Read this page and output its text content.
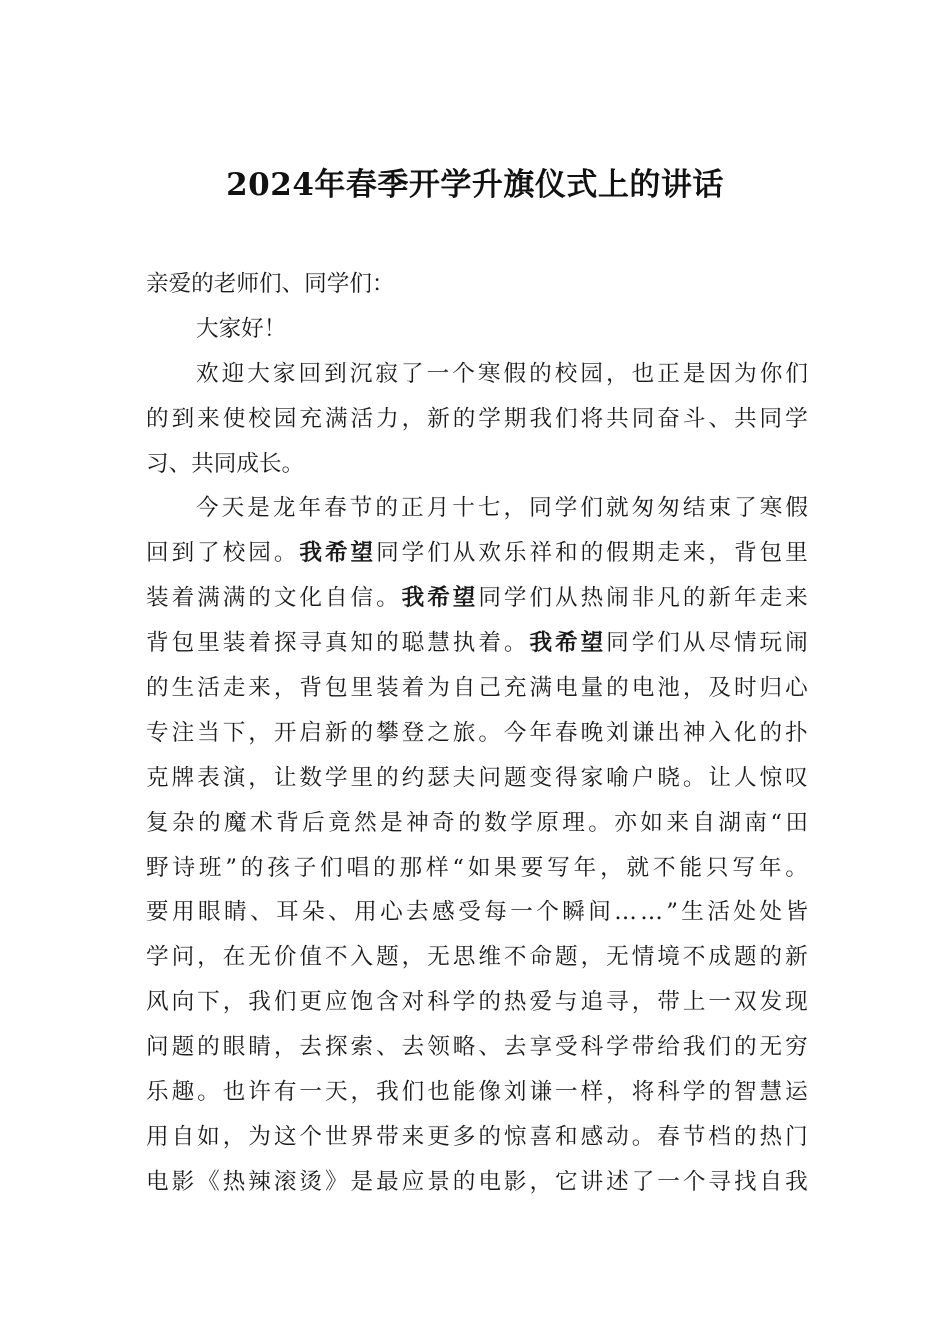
2024年春季开学升旗仪式上的讲话
亲爱的老师们、同学们：
大家好！
欢 迎 大 家 回 到 沉 寂 了 一 个 寒 假 的 校 园 ， 也 正 是 因 为 你 们
的 到 来 使 校 园 充 满 活 力 ， 新 的 学 期 我 们 将 共 同 奋 斗 、 共 同 学
习、共同成长。
今 天 是 龙 年 春 节 的 正 月 十 七 ， 同 学 们 就 匆 匆 结 束 了 寒 假
回 到 了 校 园 。 我 希 望 同 学 们 从 欢 乐 祥 和 的 假 期 走 来 ， 背 包 里
装 着 满 满 的 文 化 自 信 。 我 希 望 同 学 们 从 热 闹 非 凡 的 新 年 走 来
背 包 里 装 着 探 寻 真 知 的 聪 慧 执 着 。 我 希 望 同 学 们 从 尽 情 玩 闹
的 生 活 走 来 ， 背 包 里 装 着 为 自 己 充 满 电 量 的 电 池 ， 及 时 归 心
专 注 当 下 ， 开 启 新 的 攀 登 之 旅 。 今 年 春 晚 刘 谦 出 神 入 化 的 扑
克 牌 表 演 ， 让 数 学 里 的 约 瑟 夫 问 题 变 得 家 喻 户 晓 。 让 人 惊 叹
复 杂 的 魔 术 背 后 竟 然 是 神 奇 的 数 学 原 理 。 亦 如 来 自 湖 南 “ 田
野 诗 班 ” 的 孩 子 们 唱 的 那 样 “ 如 果 要 写 年 ， 就 不 能 只 写 年 。
要 用 眼 睛 、 耳 朵 、 用 心 去 感 受 每 一 个 瞬 间 … … ” 生 活 处 处 皆
学 问 ， 在 无 价 值 不 入 题 ， 无 思 维 不 命 题 ， 无 情 境 不 成 题 的 新
风 向 下 ， 我 们 更 应 饱 含 对 科 学 的 热 爱 与 追 寻 ， 带 上 一 双 发 现
问 题 的 眼 睛 ， 去 探 索 、 去 领 略 、 去 享 受 科 学 带 给 我 们 的 无 穷
乐 趣 。 也 许 有 一 天 ， 我 们 也 能 像 刘 谦 一 样 ， 将 科 学 的 智 慧 运
用 自 如 ， 为 这 个 世 界 带 来 更 多 的 惊 喜 和 感 动 。 春 节 档 的 热 门
电 影 《 热 辣 滚 烫 》 是 最 应 景 的 电 影 ， 它 讲 述 了 一 个 寻 找 自 我
